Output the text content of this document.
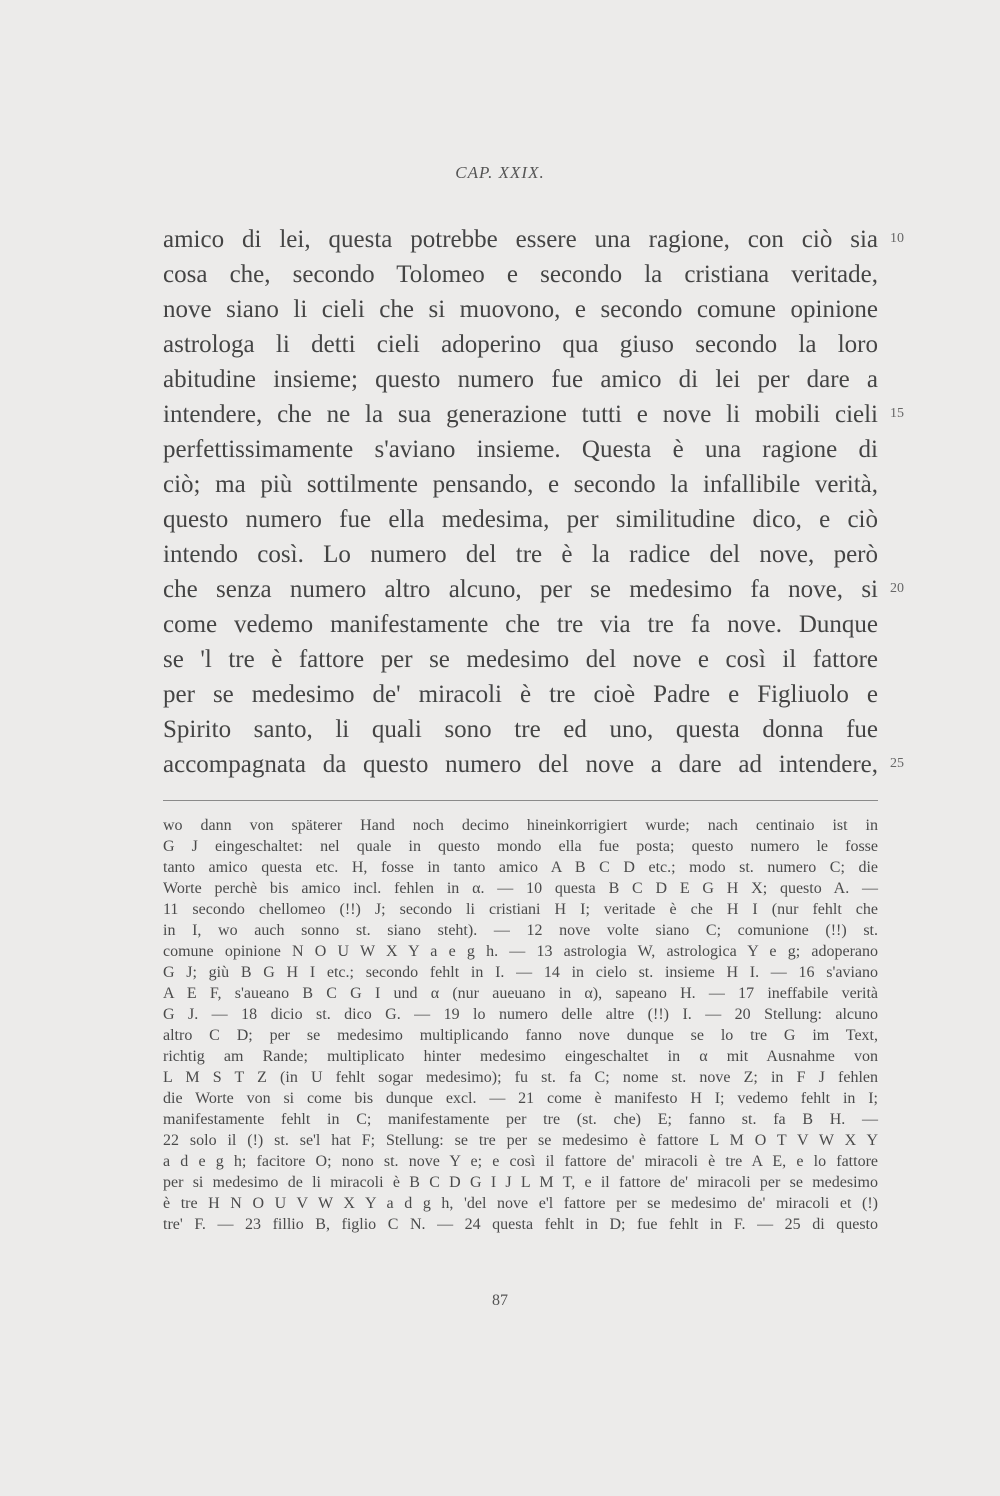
CAP. XXIX.
amico di lei, questa potrebbe essere una ragione, con ciò sia
cosa che, secondo Tolomeo e secondo la cristiana veritade,
nove siano li cieli che si muovono, e secondo comune opinione
astrologa li detti cieli adoperino qua giuso secondo la loro
abitudine insieme; questo numero fue amico di lei per dare a
intendere, che ne la sua generazione tutti e nove li mobili cieli
perfettissimamente s'aviano insieme. Questa è una ragione di
ciò; ma più sottilmente pensando, e secondo la infallibile verità,
questo numero fue ella medesima, per similitudine dico, e ciò
intendo così. Lo numero del tre è la radice del nove, però
che senza numero altro alcuno, per se medesimo fa nove, si
come vedemo manifestamente che tre via tre fa nove. Dunque
se 'l tre è fattore per se medesimo del nove e così il fattore
per se medesimo de' miracoli è tre cioè Padre e Figliuolo e
Spirito santo, li quali sono tre ed uno, questa donna fue
accompagnata da questo numero del nove a dare ad intendere,
10
15
20
25
wo dann von späterer Hand noch decimo hineinkorrigiert wurde; nach centinaio ist in
G J eingeschaltet: nel quale in questo mondo ella fue posta; questo numero le fosse
tanto amico questa etc. H, fosse in tanto amico A B C D etc.; modo st. numero C; die
Worte perchè bis amico incl. fehlen in α. — 10 questa B C D E G H X; questo A. —
11 secondo chellomeo (!!) J; secondo li cristiani H I; veritade è che H I (nur fehlt che
in I, wo auch sonno st. siano steht). — 12 nove volte siano C; comunione (!!) st.
comune opinione N O U W X Y a e g h. — 13 astrologia W, astrologica Y e g; adoperano
G J; giù B G H I etc.; secondo fehlt in I. — 14 in cielo st. insieme H I. — 16 s'aviano
A E F, s'aueano B C G I und α (nur aueuano in α), sapeano H. — 17 ineffabile verità
G J. — 18 dicio st. dico G. — 19 lo numero delle altre (!!) I. — 20 Stellung: alcuno
altro C D; per se medesimo multiplicando fanno nove dunque se lo tre G im Text,
richtig am Rande; multiplicato hinter medesimo eingeschaltet in α mit Ausnahme von
L M S T Z (in U fehlt sogar medesimo); fu st. fa C; nome st. nove Z; in F J fehlen
die Worte von si come bis dunque excl. — 21 come è manifesto H I; vedemo fehlt in I;
manifestamente fehlt in C; manifestamente per tre (st. che) E; fanno st. fa B H. —
22 solo il (!) st. se'l hat F; Stellung: se tre per se medesimo è fattore L M O T V W X Y
a d e g h; facitore O; nono st. nove Y e; e così il fattore de' miracoli è tre A E, e lo fattore
per si medesimo de li miracoli è B C D G I J L M T, e il fattore de' miracoli per se medesimo
è tre H N O U V W X Y a d g h, 'del nove e'l fattore per se medesimo de' miracoli et (!)
tre' F. — 23 fillio B, figlio C N. — 24 questa fehlt in D; fue fehlt in F. — 25 di questo
87
